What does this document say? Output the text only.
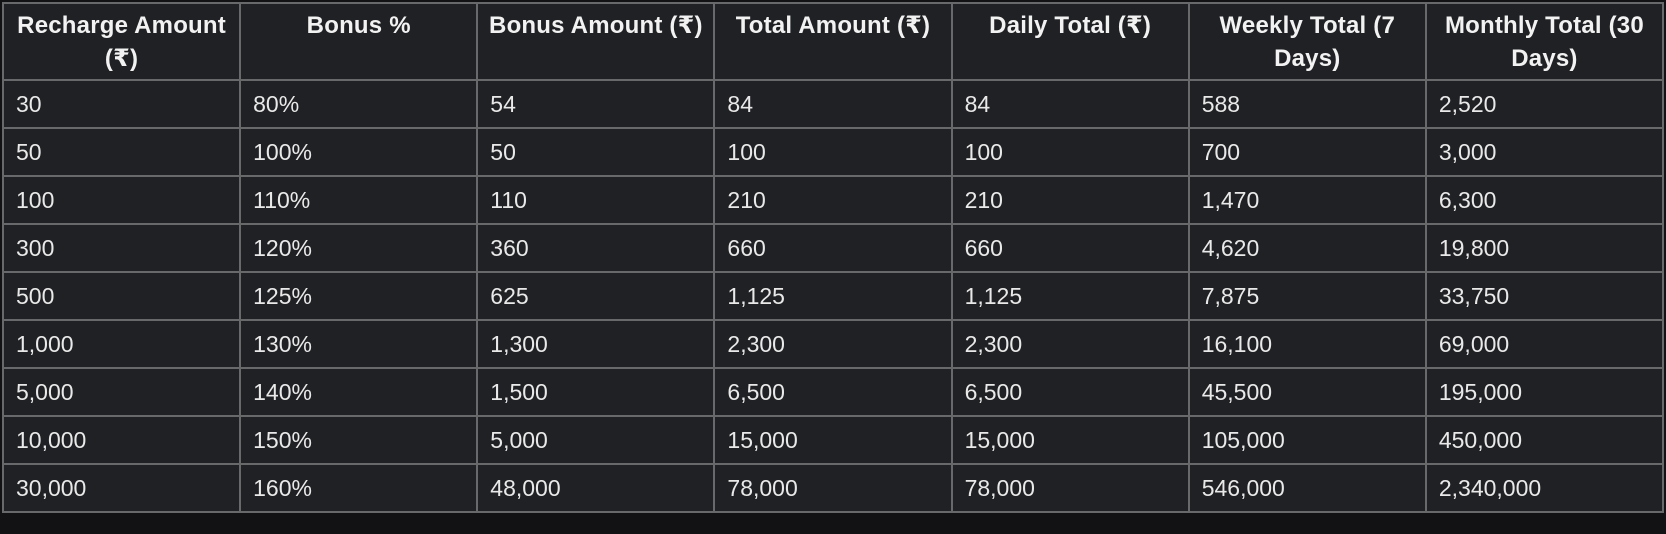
Recharge Amount (₹)	Bonus %	Bonus Amount (₹)	Total Amount (₹)	Daily Total (₹)	Weekly Total (7 Days)	Monthly Total (30 Days)
30	80%	54	84	84	588	2,520
50	100%	50	100	100	700	3,000
100	110%	110	210	210	1,470	6,300
300	120%	360	660	660	4,620	19,800
500	125%	625	1,125	1,125	7,875	33,750
1,000	130%	1,300	2,300	2,300	16,100	69,000
5,000	140%	1,500	6,500	6,500	45,500	195,000
10,000	150%	5,000	15,000	15,000	105,000	450,000
30,000	160%	48,000	78,000	78,000	546,000	2,340,000
